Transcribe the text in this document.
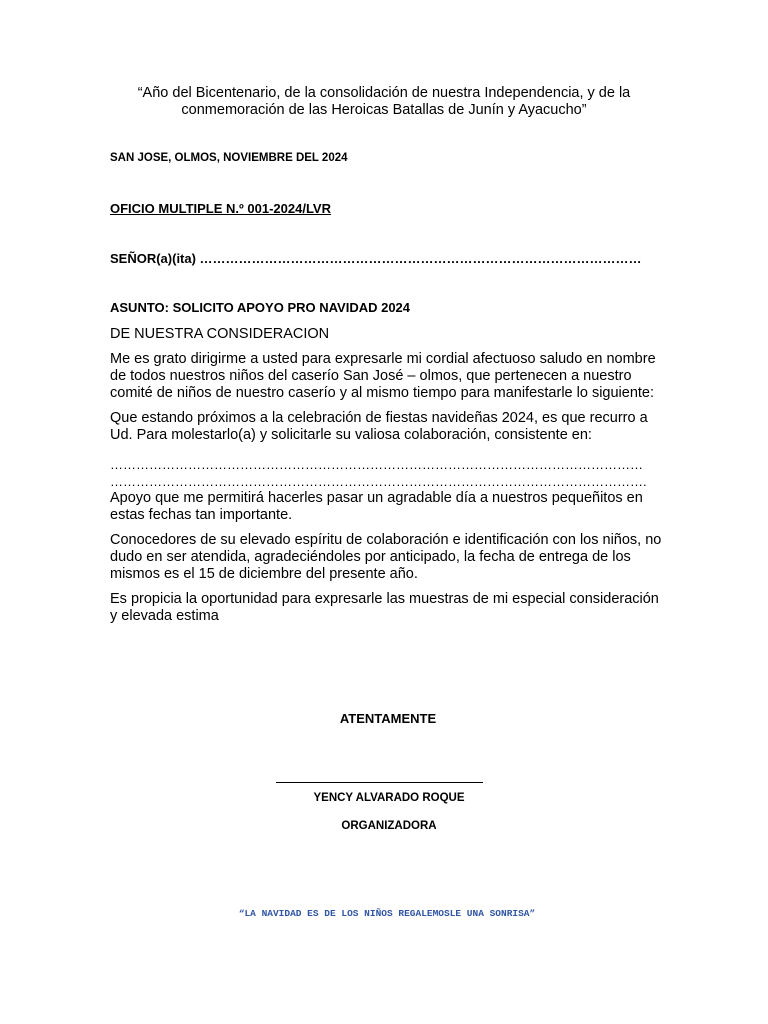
“Año del Bicentenario, de la consolidación de nuestra Independencia, y de la conmemoración de las Heroicas Batallas de Junín y Ayacucho”
SAN JOSE, OLMOS, NOVIEMBRE DEL 2024
OFICIO MULTIPLE N.º 001-2024/LVR
SEÑOR(a)(ita) …………………………………………………………………………………………
ASUNTO: SOLICITO APOYO PRO NAVIDAD 2024

DE NUESTRA CONSIDERACION

Me es grato dirigirme a usted para expresarle mi cordial afectuoso saludo en nombre de todos nuestros niños del caserío San José – olmos, que pertenecen a nuestro comité de niños de nuestro caserío y al mismo tiempo para manifestarle lo siguiente:

Que estando próximos a la celebración de fiestas navideñas 2024, es que recurro a Ud. Para molestarlo(a) y solicitarle su valiosa colaboración, consistente en:

……………………………………………………………………………………………………………
…………………………………………………………………………………………………………….

Apoyo que me permitirá hacerles pasar un agradable día a nuestros pequeñitos en estas fechas tan importante.

Conocedores de su elevado espíritu de colaboración e identificación con los niños, no dudo en ser atendida, agradeciéndoles por anticipado, la fecha de entrega de los mismos es el 15 de diciembre del presente año.

Es propicia la oportunidad para expresarle las muestras de mi especial consideración y elevada estima

ATENTAMENTE
YENCY ALVARADO ROQUE
ORGANIZADORA
“LA NAVIDAD ES DE LOS NIÑOS REGALEMOSLE UNA SONRISA”
